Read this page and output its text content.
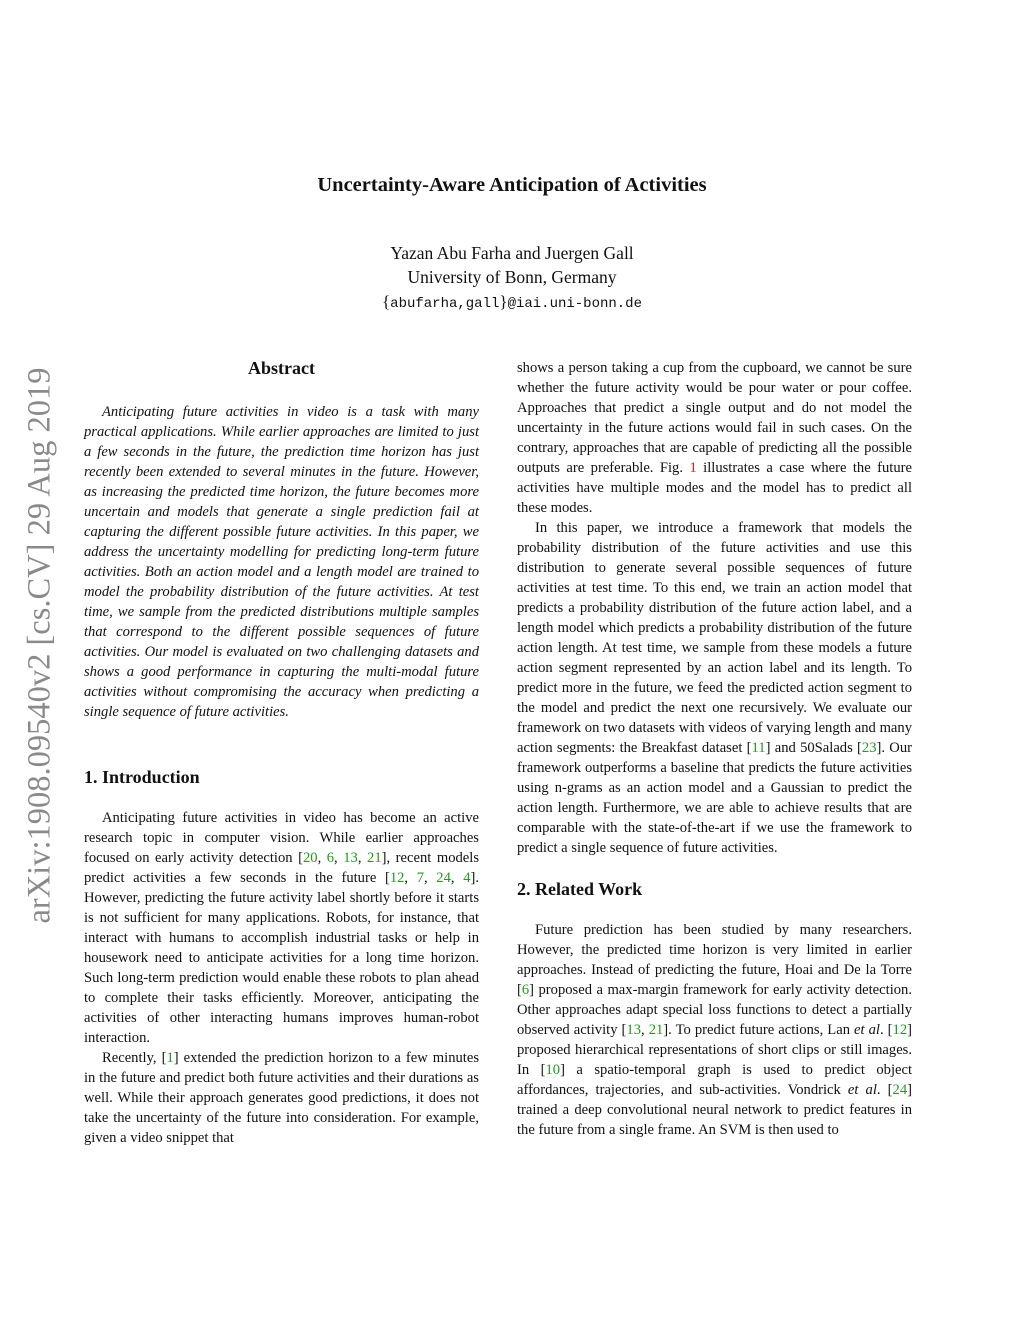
arXiv:1908.09540v2 [cs.CV] 29 Aug 2019
Uncertainty-Aware Anticipation of Activities
Yazan Abu Farha and Juergen Gall
University of Bonn, Germany
{abufarha,gall}@iai.uni-bonn.de
Abstract

Anticipating future activities in video is a task with many practical applications. While earlier approaches are limited to just a few seconds in the future, the prediction time horizon has just recently been extended to several minutes in the future. However, as increasing the predicted time horizon, the future becomes more uncertain and models that generate a single prediction fail at capturing the different possible future activities. In this paper, we address the uncertainty modelling for predicting long-term future activities. Both an action model and a length model are trained to model the probability distribution of the future activities. At test time, we sample from the predicted distributions multiple samples that correspond to the different possible sequences of future activities. Our model is evaluated on two challenging datasets and shows a good performance in capturing the multi-modal future activities without compromising the accuracy when predicting a single sequence of future activities.

1. Introduction

Anticipating future activities in video has become an active research topic in computer vision. While earlier approaches focused on early activity detection [20, 6, 13, 21], recent models predict activities a few seconds in the future [12, 7, 24, 4]. However, predicting the future activity label shortly before it starts is not sufficient for many applications. Robots, for instance, that interact with humans to accomplish industrial tasks or help in housework need to anticipate activities for a long time horizon. Such long-term prediction would enable these robots to plan ahead to complete their tasks efficiently. Moreover, anticipating the activities of other interacting humans improves human-robot interaction.

Recently, [1] extended the prediction horizon to a few minutes in the future and predict both future activities and their durations as well. While their approach generates good predictions, it does not take the uncertainty of the future into consideration. For example, given a video snippet that

shows a person taking a cup from the cupboard, we cannot be sure whether the future activity would be pour water or pour coffee. Approaches that predict a single output and do not model the uncertainty in the future actions would fail in such cases. On the contrary, approaches that are capable of predicting all the possible outputs are preferable. Fig. 1 illustrates a case where the future activities have multiple modes and the model has to predict all these modes.

In this paper, we introduce a framework that models the probability distribution of the future activities and use this distribution to generate several possible sequences of future activities at test time. To this end, we train an action model that predicts a probability distribution of the future action label, and a length model which predicts a probability distribution of the future action length. At test time, we sample from these models a future action segment represented by an action label and its length. To predict more in the future, we feed the predicted action segment to the model and predict the next one recursively. We evaluate our framework on two datasets with videos of varying length and many action segments: the Breakfast dataset [11] and 50Salads [23]. Our framework outperforms a baseline that predicts the future activities using n-grams as an action model and a Gaussian to predict the action length. Furthermore, we are able to achieve results that are comparable with the state-of-the-art if we use the framework to predict a single sequence of future activities.

2. Related Work

Future prediction has been studied by many researchers. However, the predicted time horizon is very limited in earlier approaches. Instead of predicting the future, Hoai and De la Torre [6] proposed a max-margin framework for early activity detection. Other approaches adapt special loss functions to detect a partially observed activity [13, 21]. To predict future actions, Lan et al. [12] proposed hierarchical representations of short clips or still images. In [10] a spatio-temporal graph is used to predict object affordances, trajectories, and sub-activities. Vondrick et al. [24] trained a deep convolutional neural network to predict features in the future from a single frame. An SVM is then used to
